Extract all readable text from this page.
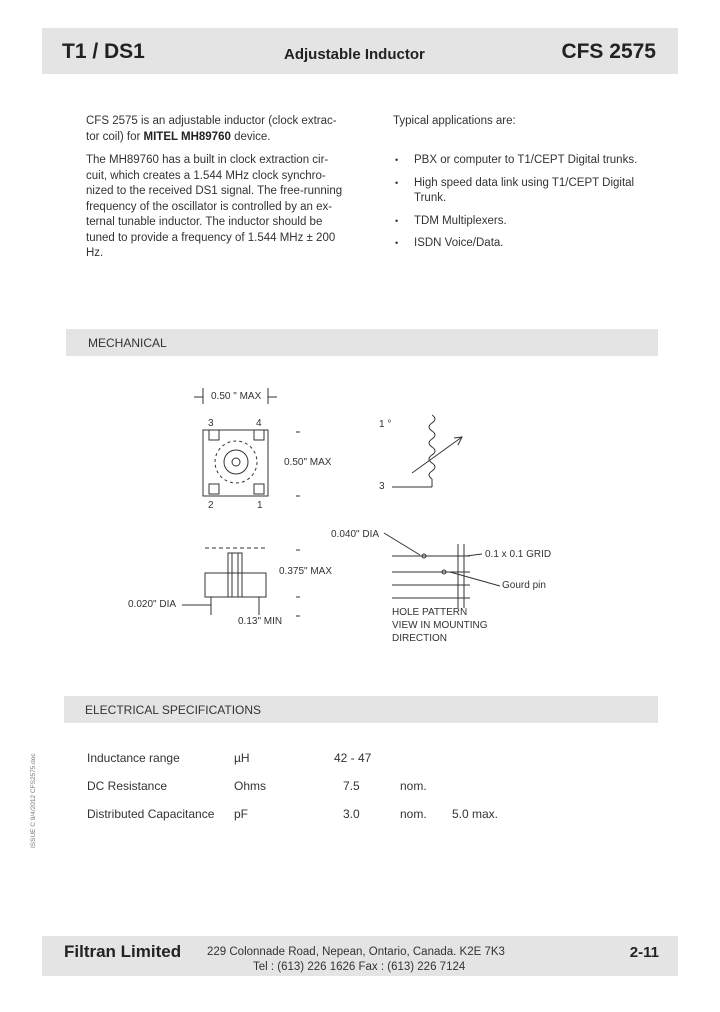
T1 / DS1	Adjustable Inductor	CFS 2575
CFS 2575 is an adjustable inductor (clock extrac-
tor coil) for MITEL MH89760 device.
The MH89760 has a built in clock extraction cir-
cuit, which creates a 1.544 MHz clock synchro-
nized to the received DS1 signal. The free-running
frequency of the oscillator is controlled by an ex-
ternal tunable inductor. The inductor should be
tuned to provide a frequency of 1.544 MHz ± 200
Hz.
Typical applications are:
• PBX or computer to T1/CEPT Digital trunks.
• High speed data link using T1/CEPT Digital Trunk.
• TDM Multiplexers.
• ISDN Voice/Data.
MECHANICAL
0.50 " MAX
3	4
0.50" MAX
2	1
1 °
3
0.040" DIA
0.1 x 0.1 GRID
0.375" MAX
Gourd pin
0.020" DIA
HOLE PATTERN
0.13" MIN	VIEW IN MOUNTING
DIRECTION
ELECTRICAL SPECIFICATIONS
Inductance range	µH	42 - 47
DC Resistance	Ohms	7.5	nom.
Distributed Capacitance pF	3.0	nom. 5.0 max.
ISSUE C 9/4/2012 CFS2575.doc
Filtran Limited 229 Colonnade Road, Nepean, Ontario, Canada. K2E 7K3
Tel : (613) 226 1626 Fax : (613) 226 7124
2-11
